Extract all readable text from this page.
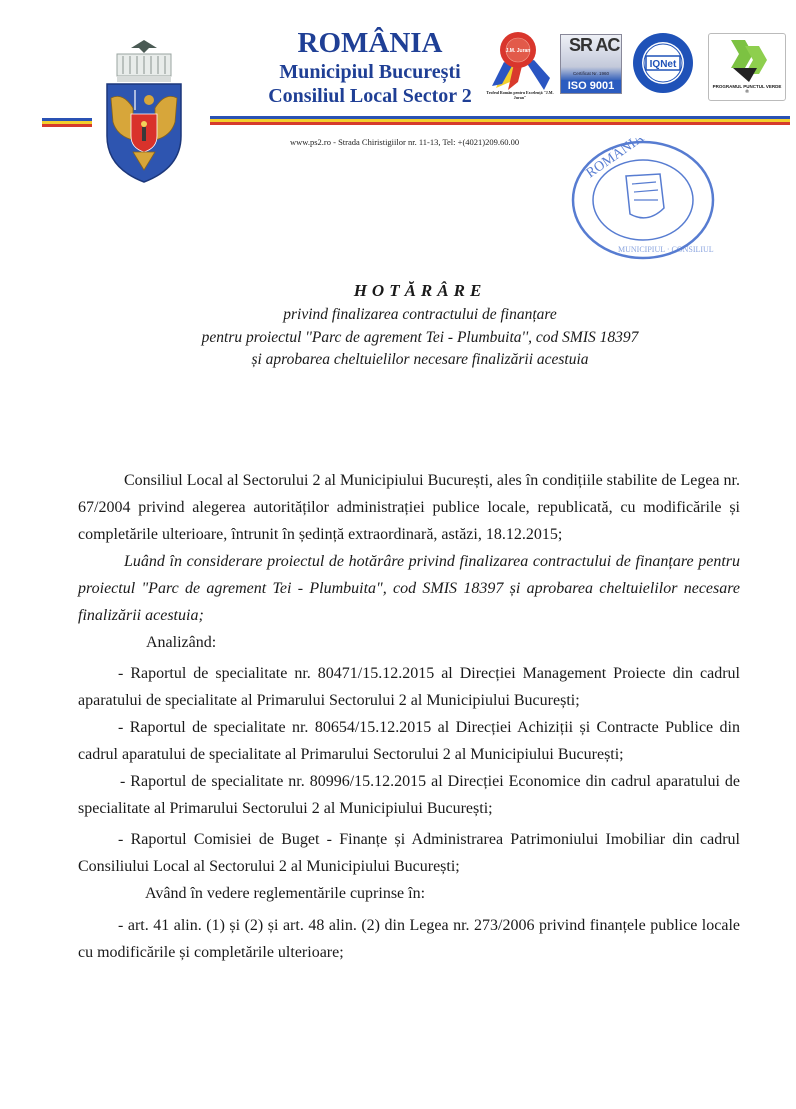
ROMÂNIA
Municipiul București
Consiliul Local Sector 2
www.ps2.ro - Strada Chiristigiilor nr. 11-13, Tel: +(4021)209.60.00
J.M. Juran
Trofeul Român pentru Excelență "J.M. Juran"
SR AC
Certificat Nr. 1960
ISO 9001
IQNet
PROGRAMUL PUNCTUL VERDE ®
ROMÂNIA
MUNICIPIUL · CONSILIUL
HOTĂRÂRE
privind finalizarea contractului de finanțare
pentru proiectul ''Parc de agrement Tei - Plumbuita'', cod SMIS 18397
și aprobarea cheltuielilor necesare finalizării acestuia
Consiliul Local al Sectorului 2 al Municipiului București, ales în condițiile stabilite de Legea nr. 67/2004 privind alegerea autorităților administrației publice locale, republicată, cu modificările și completările ulterioare, întrunit în ședință extraordinară, astăzi, 18.12.2015;
Luând în considerare proiectul de hotărâre privind finalizarea contractului de finanțare pentru proiectul "Parc de agrement Tei - Plumbuita", cod SMIS 18397 și aprobarea cheltuielilor necesare finalizării acestuia;
Analizând:
- Raportul de specialitate nr. 80471/15.12.2015 al Direcției Management Proiecte din cadrul aparatului de specialitate al Primarului Sectorului 2 al Municipiului București;
- Raportul de specialitate nr. 80654/15.12.2015 al Direcției Achiziții și Contracte Publice din cadrul aparatului de specialitate al Primarului Sectorului 2 al Municipiului București;
- Raportul de specialitate nr. 80996/15.12.2015 al Direcției Economice din cadrul aparatului de specialitate al Primarului Sectorului 2 al Municipiului București;
- Raportul Comisiei de Buget - Finanțe și Administrarea Patrimoniului Imobiliar din cadrul Consiliului Local al Sectorului 2 al Municipiului București;
Având în vedere reglementările cuprinse în:
- art. 41 alin. (1) și (2) și art. 48 alin. (2) din Legea nr. 273/2006 privind finanțele publice locale cu modificările și completările ulterioare;
